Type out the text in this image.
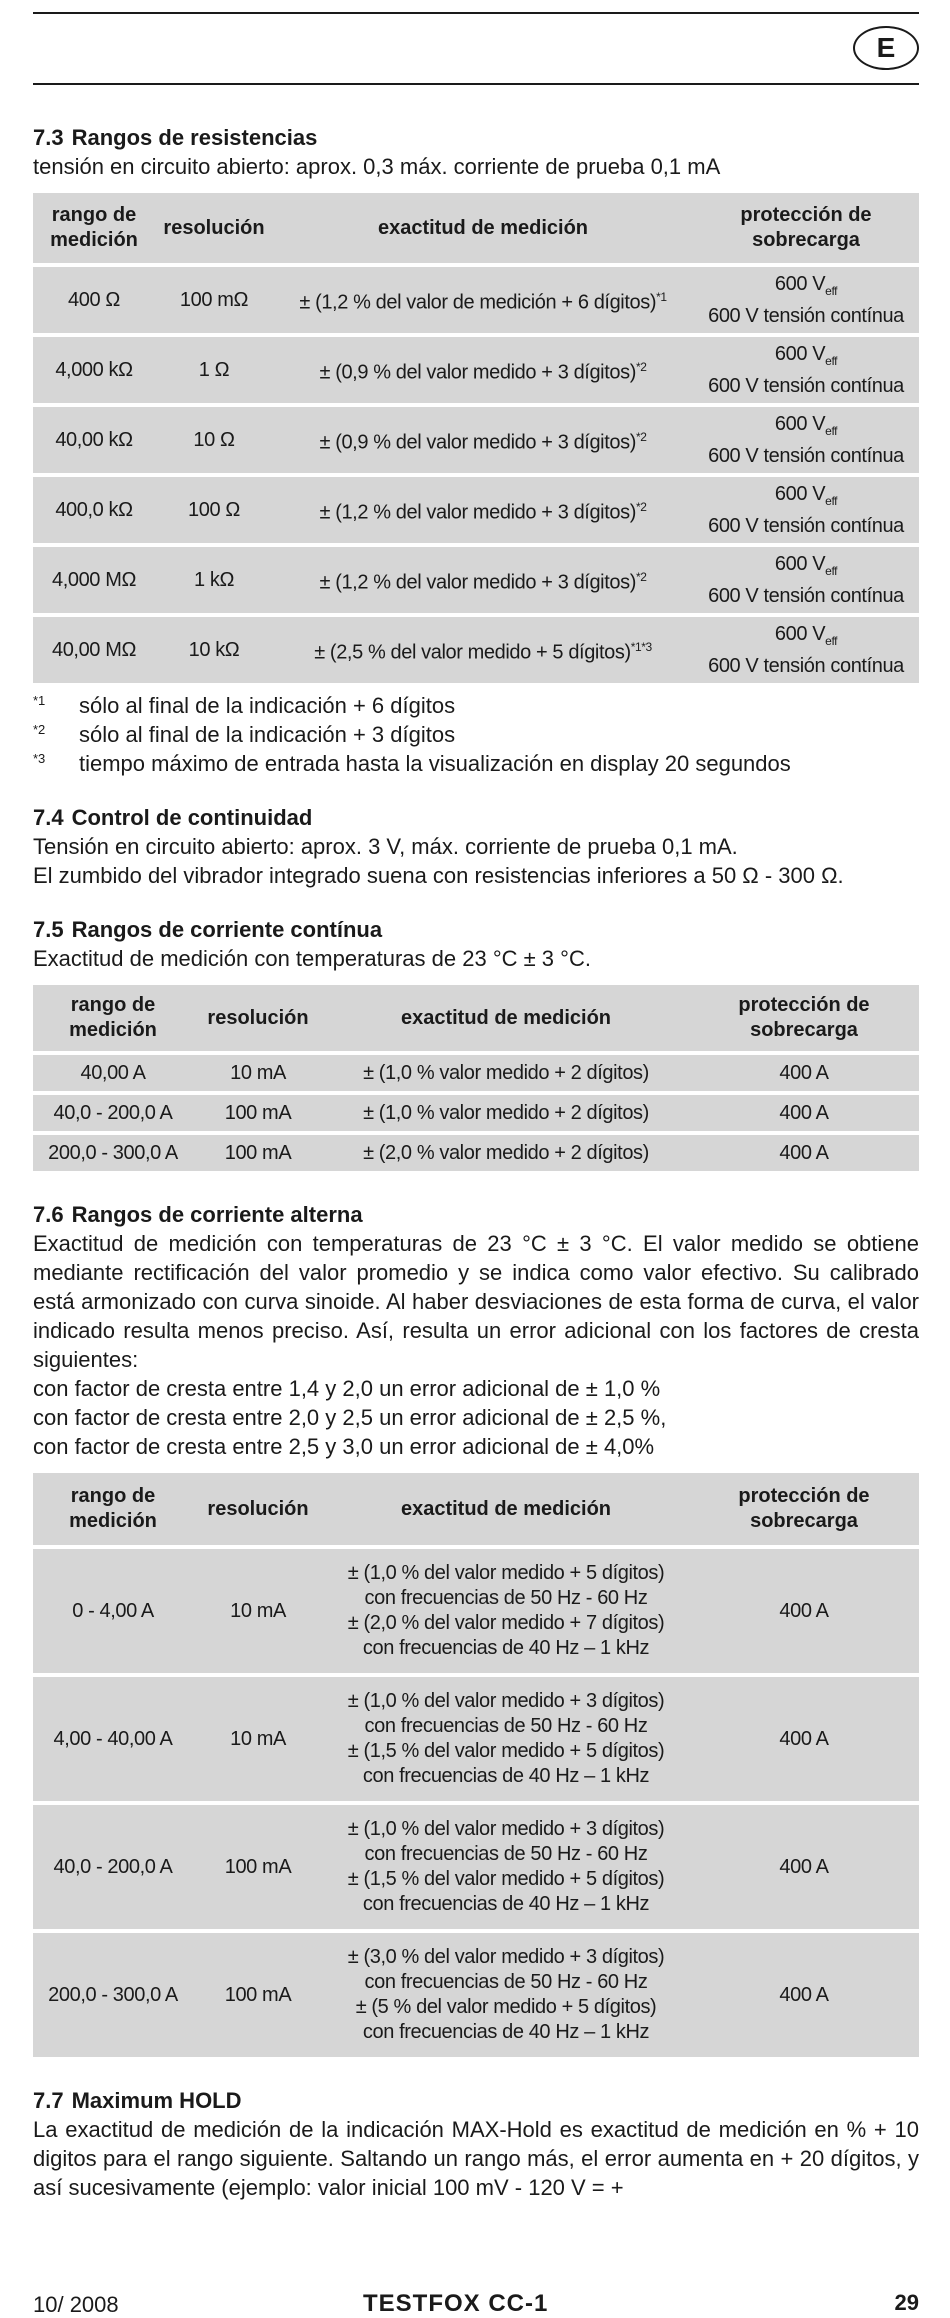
E
7.3 Rangos de resistencias

tensión en circuito abierto: aprox. 0,3 máx. corriente de prueba 0,1 mA

rango de medición	resolución	exactitud de medición	protección de sobrecarga
400 Ω	100 mΩ	± (1,2 % del valor de medición + 6 dígitos)$^{*1}$	600 $V_{eff}$
600 V tensión contínua

4,000 kΩ	1 Ω	± (0,9 % del valor medido + 3 dígitos)$^{*2}$	600 $V_{eff}$
600 V tensión contínua

40,00 kΩ	10 Ω	± (0,9 % del valor medido + 3 dígitos)$^{*2}$	600 $V_{eff}$
600 V tensión contínua

400,0 kΩ	100 Ω	± (1,2 % del valor medido + 3 dígitos)$^{*2}$	600 $V_{eff}$
600 V tensión contínua

4,000 MΩ	1 kΩ	± (1,2 % del valor medido + 3 dígitos)$^{*2}$	600 $V_{eff}$
600 V tensión contínua

40,00 MΩ	10 kΩ	± (2,5 % del valor medido + 5 dígitos)$^{*1*3}$	600 $V_{eff}$
600 V tensión contínua
*1	sólo al final de la indicación + 6 dígitos
*2	sólo al final de la indicación + 3 dígitos
*3	tiempo máximo de entrada hasta la visualización en display 20 segundos
7.4 Control de continuidad

Tensión en circuito abierto: aprox. 3 V, máx. corriente de prueba 0,1 mA.

El zumbido del vibrador integrado suena con resistencias inferiores a 50 Ω - 300 Ω.

7.5 Rangos de corriente contínua

Exactitud de medición con temperaturas de 23 °C ± 3 °C.

rango de medición	resolución	exactitud de medición	protección de sobrecarga
40,00 A	10 mA	± (1,0 % valor medido + 2 dígitos)	400 A
40,0 - 200,0 A	100 mA	± (1,0 % valor medido + 2 dígitos)	400 A
200,0 - 300,0 A	100 mA	± (2,0 % valor medido + 2 dígitos)	400 A
7.6 Rangos de corriente alterna

Exactitud de medición con temperaturas de 23 °C ± 3 °C. El valor medido se obtiene mediante rectificación del valor promedio y se indica como valor efectivo. Su calibrado está armonizado con curva sinoide. Al haber desviaciones de esta forma de curva, el valor indicado resulta menos preciso. Así, resulta un error adicional con los factores de cresta siguientes:

con factor de cresta entre 1,4 y 2,0 un error adicional de ± 1,0 %

con factor de cresta entre 2,0 y 2,5 un error adicional de ± 2,5 %,

con factor de cresta entre 2,5 y 3,0 un error adicional de ± 4,0%

rango de medición	resolución	exactitud de medición	protección de sobrecarga
0 - 4,00 A	10 mA	± (1,0 % del valor medido + 5 dígitos)
con frecuencias de 50 Hz - 60 Hz
± (2,0 % del valor medido + 7 dígitos)
con frecuencias de 40 Hz – 1 kHz	400 A
4,00 - 40,00 A	10 mA	± (1,0 % del valor medido + 3 dígitos)
con frecuencias de 50 Hz - 60 Hz
± (1,5 % del valor medido + 5 dígitos)
con frecuencias de 40 Hz – 1 kHz	400 A
40,0 - 200,0 A	100 mA	± (1,0 % del valor medido + 3 dígitos)
con frecuencias de 50 Hz - 60 Hz
± (1,5 % del valor medido + 5 dígitos)
con frecuencias de 40 Hz – 1 kHz	400 A
200,0 - 300,0 A	100 mA	± (3,0 % del valor medido + 3 dígitos)
con frecuencias de 50 Hz - 60 Hz
± (5 % del valor medido + 5 dígitos)
con frecuencias de 40 Hz – 1 kHz	400 A
7.7 Maximum HOLD

La exactitud de medición de la indicación MAX-Hold es exactitud de medición en % + 10 digitos para el rango siguiente. Saltando un rango más, el error aumenta en + 20 dígitos, y así sucesivamente (ejemplo: valor inicial 100 mV - 120 V = +

10/ 2008	TESTFOX CC-1	29
